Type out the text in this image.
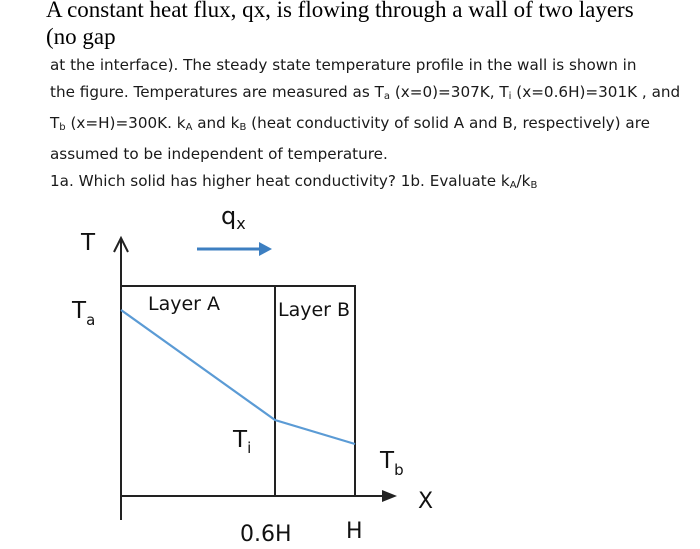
A constant heat flux, qx, is flowing through a wall of two layers
(no gap

at the interface). The steady state temperature profile in the wall is shown in

the figure. Temperatures are measured as $T_a$ (x=0)=307K, $T_i$ (x=0.6H)=301K , and

$T_b$ (x=H)=300K. $k_A$ and $k_B$ (heat conductivity of solid A and B, respectively) are

assumed to be independent of temperature.

1a. Which solid has higher heat conductivity? 1b. Evaluate $k_A/k_B$

$q_x$
T
X
Layer A	Layer B
$T_a$
$T_i$	$T_b$
0.6H H
